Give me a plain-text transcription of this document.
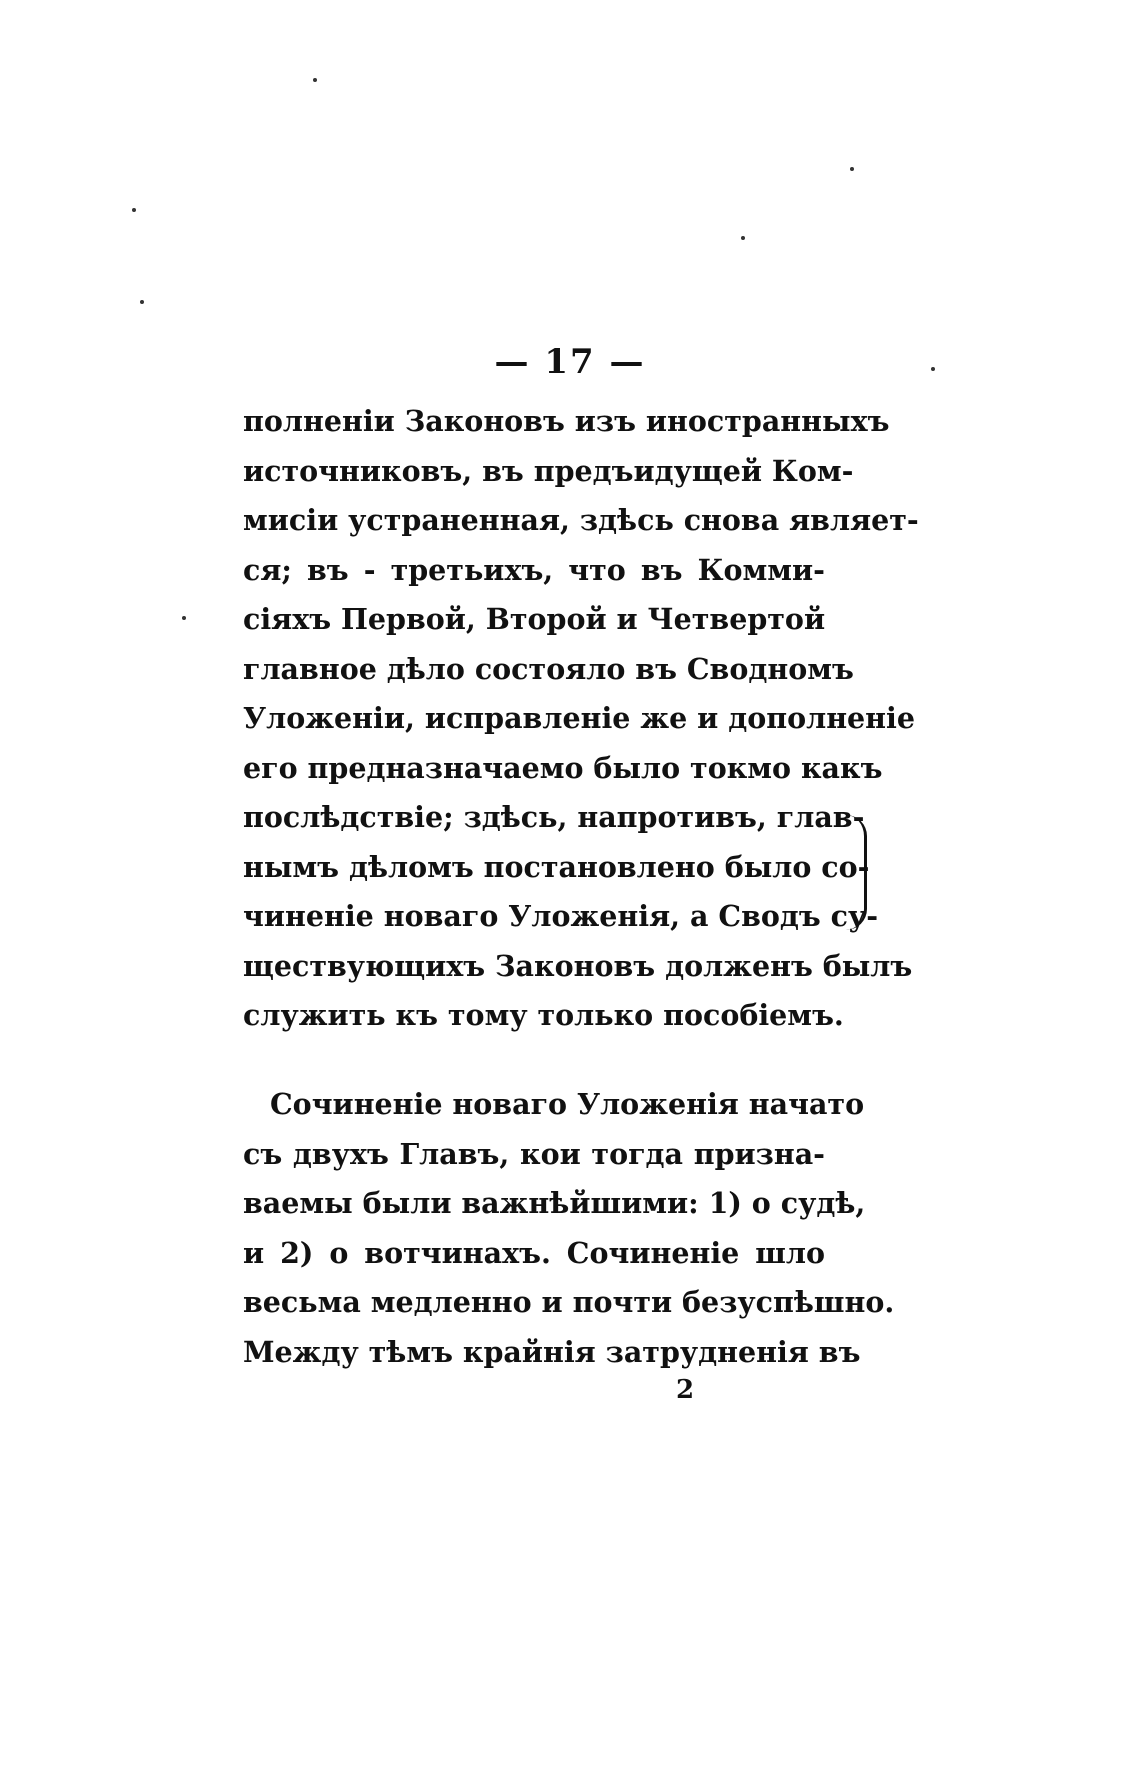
— 17 —
полненіи Законовъ изъ иностранныхъ
источниковъ, въ предъидущей Ком-
мисіи устраненная, здѣсь снова являет-
ся; въ - третьихъ, что въ Комми-
сіяхъ Первой, Второй и Четвертой
главное дѣло состояло въ Сводномъ
Уложеніи, исправленіе же и дополненіе
его предназначаемо было токмо какъ
послѣдствіе; здѣсь, напротивъ, глав-
нымъ дѣломъ постановлено было со-
чиненіе новаго Уложенія, а Сводъ су-
ществующихъ Законовъ долженъ былъ
служить къ тому только пособіемъ.
Сочиненіе новаго Уложенія начато
съ двухъ Главъ, кои тогда призна-
ваемы были важнѣйшими: 1) о судѣ,
и 2) о вотчинахъ. Сочиненіе шло
весьма медленно и почти безуспѣшно.
Между тѣмъ крайнія затрудненія въ
2
